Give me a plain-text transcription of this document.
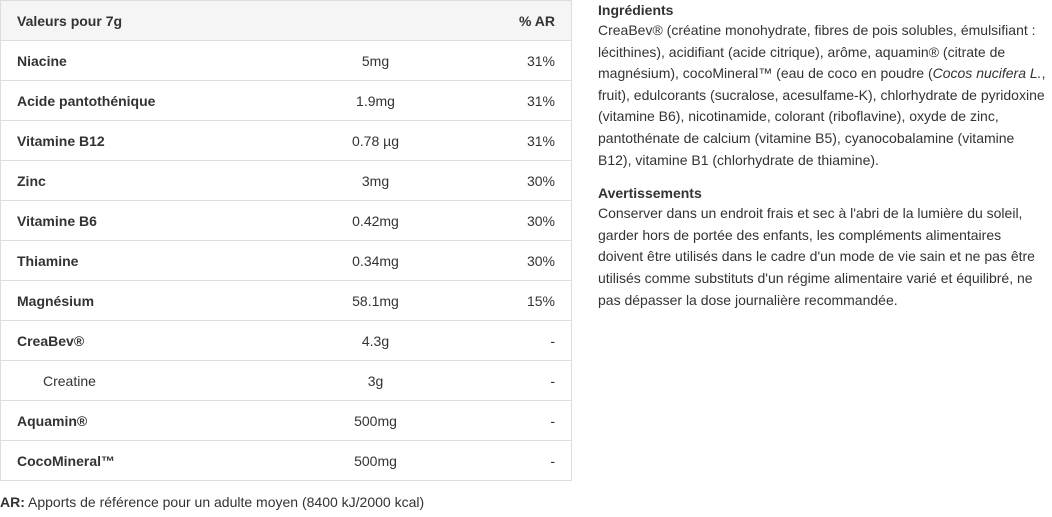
Valeurs pour 7g		% AR
Niacine	5mg	31%
Acide pantothénique	1.9mg	31%
Vitamine B12	0.78 µg	31%
Zinc	3mg	30%
Vitamine B6	0.42mg	30%
Thiamine	0.34mg	30%
Magnésium	58.1mg	15%
CreaBev®	4.3g	-
Creatine	3g	-
Aquamin®	500mg	-
CocoMineral™	500mg	-
AR: Apports de référence pour un adulte moyen (8400 kJ/2000 kcal)
Ingrédients

CreaBev® (créatine monohydrate, fibres de pois solubles, émulsifiant : lécithines), acidifiant (acide citrique), arôme, aquamin® (citrate de magnésium), cocoMineral™ (eau de coco en poudre (Cocos nucifera L., fruit), edulcorants (sucralose, acesulfame-K), chlorhydrate de pyridoxine (vitamine B6), nicotinamide, colorant (riboflavine), oxyde de zinc, pantothénate de calcium (vitamine B5), cyanocobalamine (vitamine B12), vitamine B1 (chlorhydrate de thiamine).

Avertissements

Conserver dans un endroit frais et sec à l'abri de la lumière du soleil, garder hors de portée des enfants, les compléments alimentaires doivent être utilisés dans le cadre d'un mode de vie sain et ne pas être utilisés comme substituts d'un régime alimentaire varié et équilibré, ne pas dépasser la dose journalière recommandée.
